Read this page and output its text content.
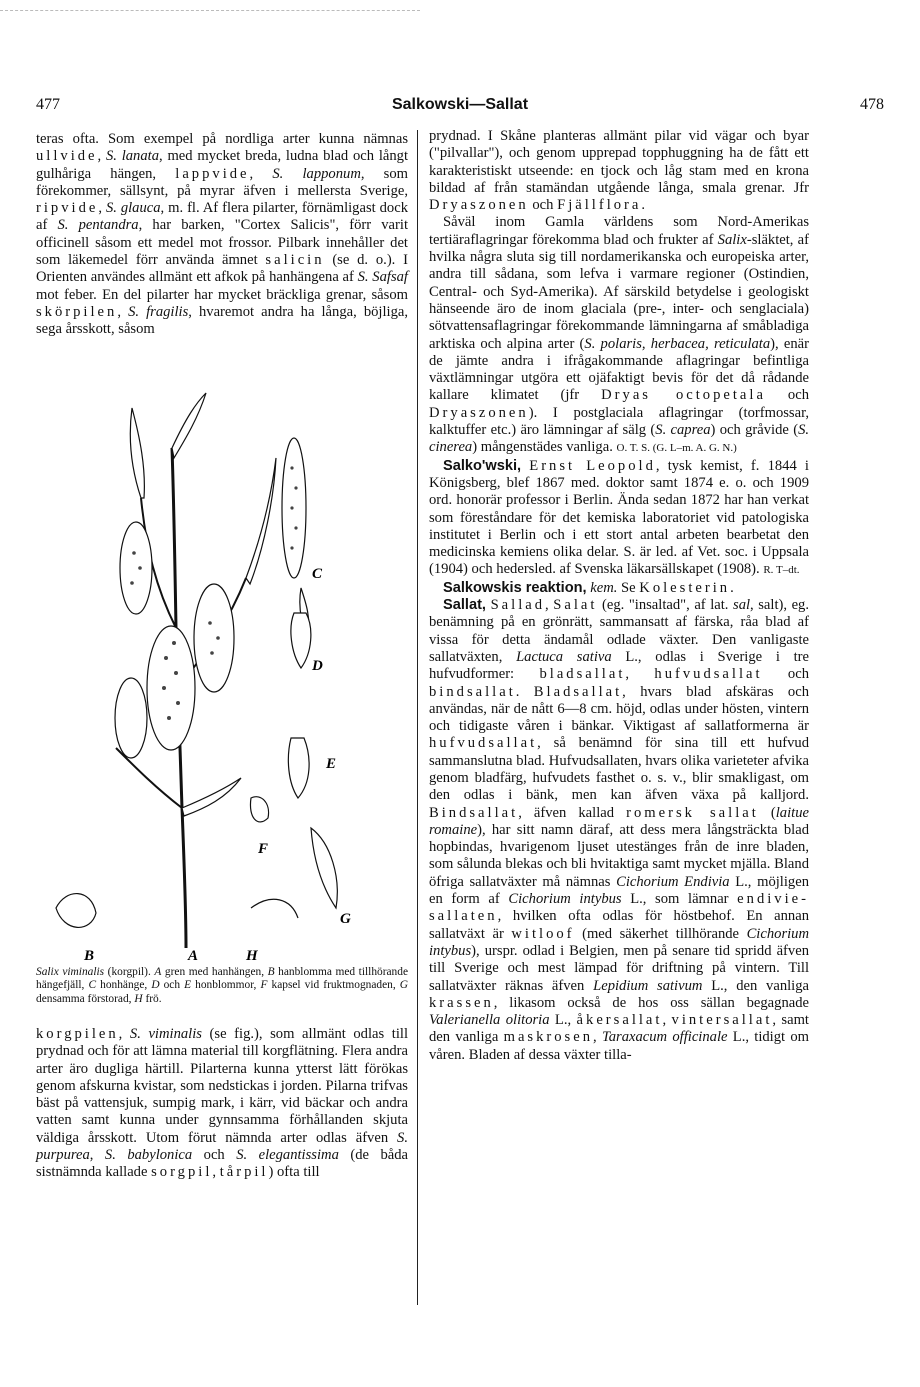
477	Salkowski—Sallat	478

teras ofta. Som exempel på nordliga arter kunna nämnas ullvide, S. lanata, med mycket breda, ludna blad och långt gulhåriga hängen, lappvide, S. lapponum, som förekommer, sällsynt, på myrar äfven i mellersta Sverige, ripvide, S. glauca, m. fl. Af flera pilarter, förnämligast dock af S. pentandra, har barken, "Cortex Salicis", förr varit officinell såsom ett medel mot frossor. Pilbark innehåller det som läkemedel förr använda ämnet salicin (se d. o.). I Orienten användes allmänt ett afkok på hanhängena af S. Safsaf mot feber. En del pilarter har mycket bräckliga grenar, såsom skörpilen, S. fragilis, hvaremot andra ha långa, böjliga, sega årsskott, såsom

C
D
E
F
G
B	A	H
Salix viminalis (korgpil). A gren med hanhängen, B hanblomma med tillhörande hängefjäll, C honhänge, D och E honblommor, F kapsel vid fruktmognaden, G densamma förstorad, H frö.

korgpilen, S. viminalis (se fig.), som allmänt odlas till prydnad och för att lämna material till korgflätning. Flera andra arter äro dugliga härtill. Pilarterna kunna ytterst lätt förökas genom afskurna kvistar, som nedstickas i jorden. Pilarna trifvas bäst på vattensjuk, sumpig mark, i kärr, vid bäckar och andra vatten samt kunna under gynnsamma förhållanden skjuta väldiga årsskott. Utom förut nämnda arter odlas äfven S. purpurea, S. babylonica och S. elegantissima (de båda sistnämnda kallade sorgpil, tårpil) ofta till

prydnad. I Skåne planteras allmänt pilar vid vägar och byar ("pilvallar"), och genom upprepad topphuggning ha de fått ett karakteristiskt utseende: en tjock och låg stam med en krona bildad af från stamändan utgående långa, smala grenar. Jfr Dryaszonen och Fjällflora.

Såväl inom Gamla världens som Nord-Amerikas tertiäraflagringar förekomma blad och frukter af Salix-släktet, af hvilka några sluta sig till nordamerikanska och europeiska arter, andra till sådana, som lefva i varmare regioner (Ostindien, Central- och Syd-Amerika). Af särskild betydelse i geologiskt hänseende äro de inom glaciala (pre-, inter- och senglaciala) sötvattensaflagringar förekommande lämningarna af småbladiga arktiska och alpina arter (S. polaris, herbacea, reticulata), enär de jämte andra i ifrågakommande aflagringar befintliga växtlämningar utgöra ett ojäfaktigt bevis för det då rådande kallare klimatet (jfr Dryas octopetala och Dryaszonen). I postglaciala aflagringar (torfmossar, kalktuffer etc.) äro lämningar af sälg (S. caprea) och gråvide (S. cinerea) mångenstädes vanliga. O. T. S. (G. L–m. A. G. N.)

Salko'wski, Ernst Leopold, tysk kemist, f. 1844 i Königsberg, blef 1867 med. doktor samt 1874 e. o. och 1909 ord. honorär professor i Berlin. Ända sedan 1872 har han verkat som föreståndare för det kemiska laboratoriet vid patologiska institutet i Berlin och i ett stort antal arbeten bearbetat den medicinska kemiens olika delar. S. är led. af Vet. soc. i Uppsala (1904) och hedersled. af Svenska läkarsällskapet (1908). R. T–dt.

Salkowskis reaktion, kem. Se Kolesterin.

Sallat, Sallad, Salat (eg. "insaltad", af lat. sal, salt), eg. benämning på en grönrätt, sammansatt af färska, råa blad af vissa för detta ändamål odlade växter. Den vanligaste sallatväxten, Lactuca sativa L., odlas i Sverige i tre hufvudformer: bladsallat, hufvudsallat och bindsallat. Bladsallat, hvars blad afskäras och användas, när de nått 6—8 cm. höjd, odlas under hösten, vintern och tidigaste våren i bänkar. Viktigast af sallatformerna är hufvudsallat, så benämnd för sina till ett hufvud sammanslutna blad. Hufvudsallaten, hvars olika varieteter afvika genom bladfärg, hufvudets fasthet o. s. v., blir smakligast, om den odlas i bänk, men kan äfven växa på kalljord. Bindsallat, äfven kallad romersk sallat (laitue romaine), har sitt namn däraf, att dess mera långsträckta blad hopbindas, hvarigenom ljuset utestänges från de inre bladen, som sålunda blekas och bli hvitaktiga samt mycket mjälla. Bland öfriga sallatväxter må nämnas Cichorium Endivia L., möjligen en form af Cichorium intybus L., som lämnar endivie-sallaten, hvilken ofta odlas för höstbehof. En annan sallatväxt är witloof (med säkerhet tillhörande Cichorium intybus), urspr. odlad i Belgien, men på senare tid spridd äfven till Sverige och mest lämpad för driftning på vintern. Till sallatväxter räknas äfven Lepidium sativum L., den vanliga krassen, likasom också de hos oss sällan begagnade Valerianella olitoria L., åkersallat, vintersallat, samt den vanliga maskrosen, Taraxacum officinale L., tidigt om våren. Bladen af dessa växter tilla-
